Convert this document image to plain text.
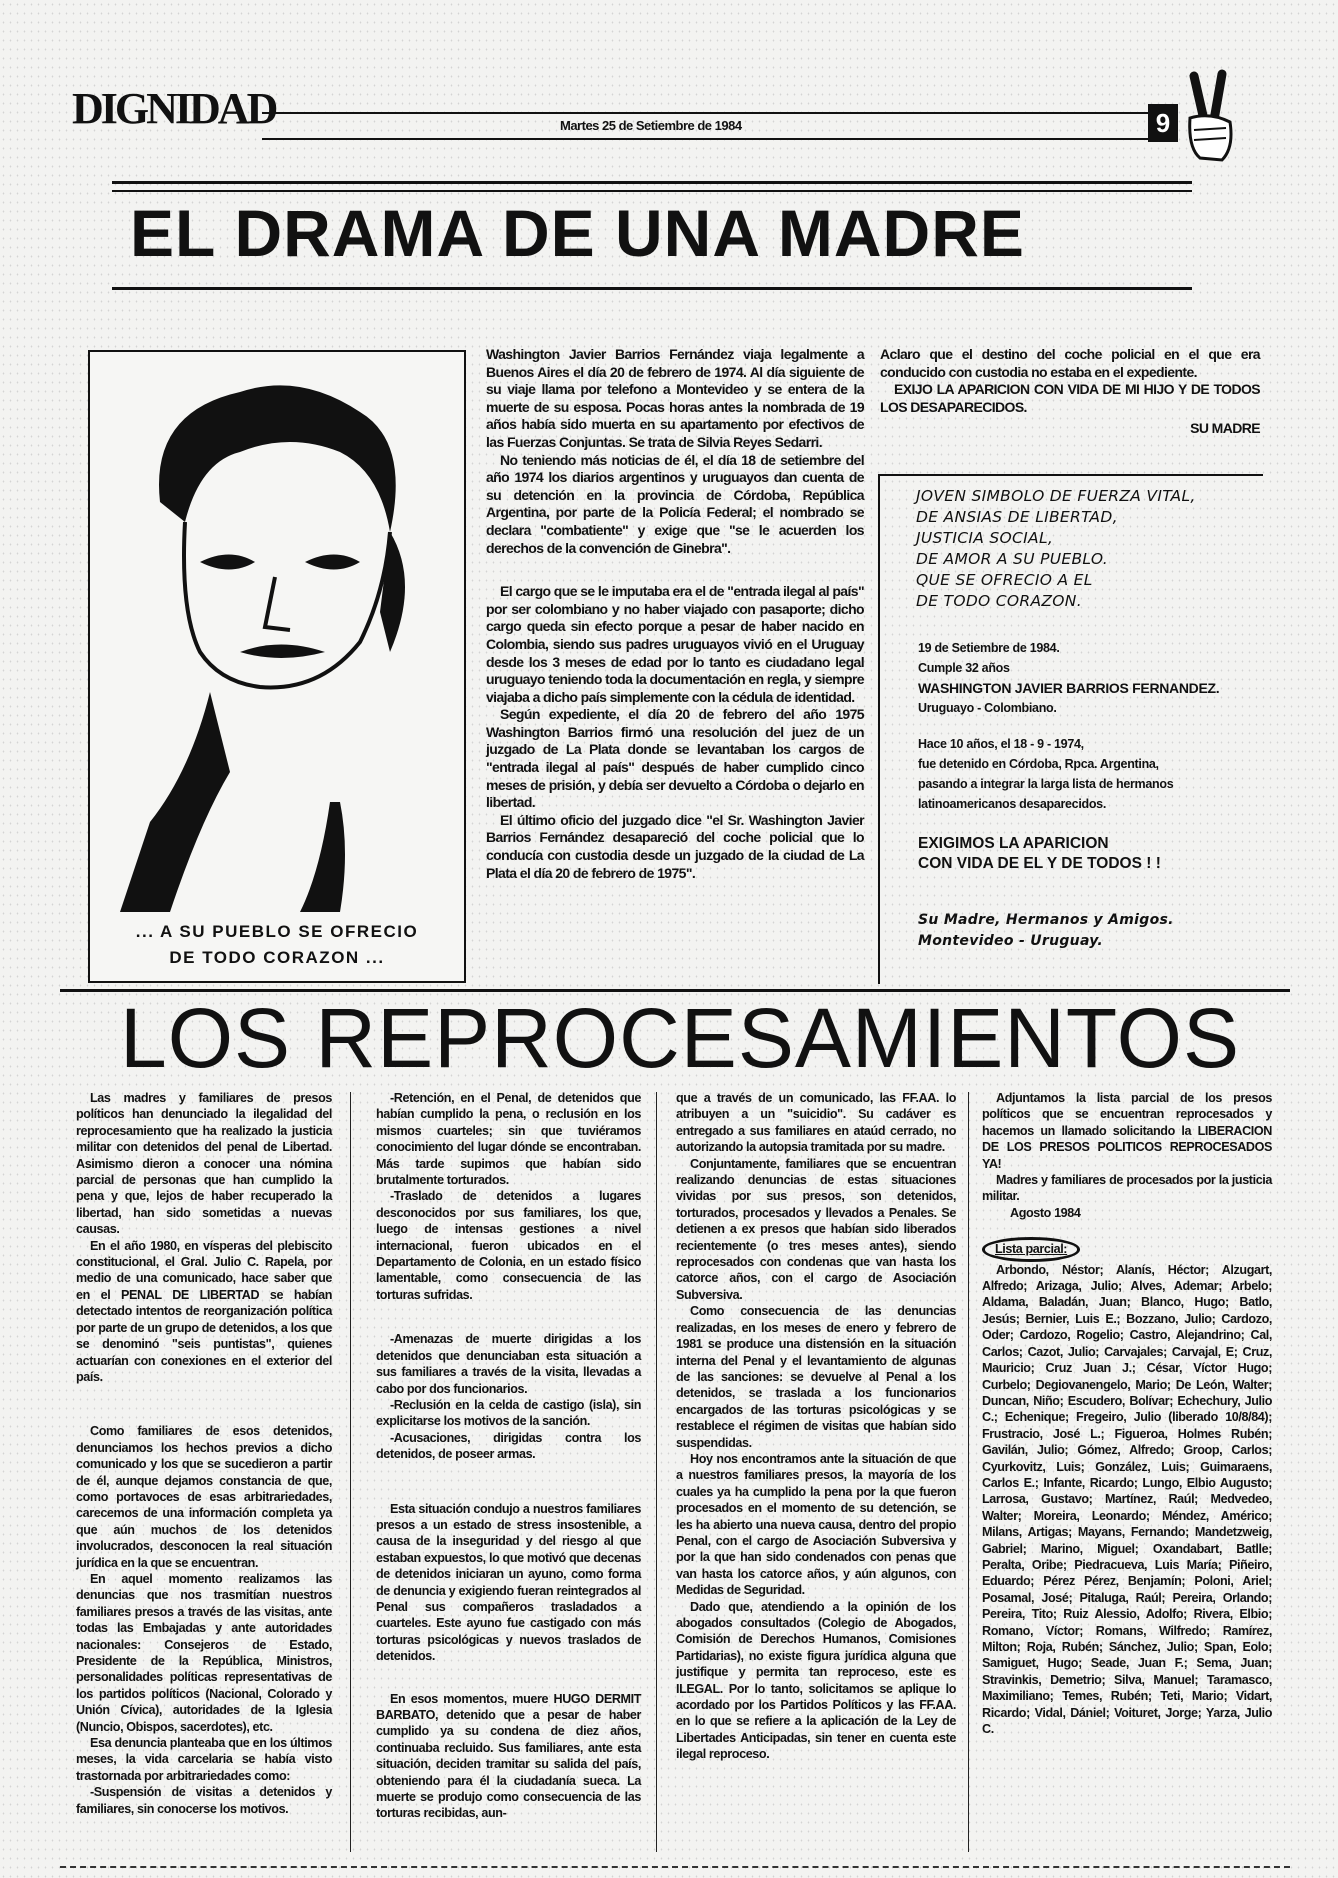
DIGNIDAD	Martes 25 de Setiembre de 1984	9
EL DRAMA DE UNA MADRE
... A SU PUEBLO SE OFRECIO
DE TODO CORAZON ...

Washington Javier Barrios Fernández viaja legalmente a Buenos Aires el día 20 de febrero de 1974. Al día siguiente de su viaje llama por telefono a Montevideo y se entera de la muerte de su esposa. Pocas horas antes la nombrada de 19 años había sido muerta en su apartamento por efectivos de las Fuerzas Conjuntas. Se trata de Silvia Reyes Sedarri.

No teniendo más noticias de él, el día 18 de setiembre del año 1974 los diarios argentinos y uruguayos dan cuenta de su detención en la provincia de Córdoba, República Argentina, por parte de la Policía Federal; el nombrado se declara "combatiente" y exige que "se le acuerden los derechos de la convención de Ginebra".

El cargo que se le imputaba era el de "entrada ilegal al país" por ser colombiano y no haber viajado con pasaporte; dicho cargo queda sin efecto porque a pesar de haber nacido en Colombia, siendo sus padres uruguayos vivió en el Uruguay desde los 3 meses de edad por lo tanto es ciudadano legal uruguayo teniendo toda la documentación en regla, y siempre viajaba a dicho país simplemente con la cédula de identidad.

Según expediente, el día 20 de febrero del año 1975 Washington Barrios firmó una resolución del juez de un juzgado de La Plata donde se levantaban los cargos de "entrada ilegal al país" después de haber cumplido cinco meses de prisión, y debía ser devuelto a Córdoba o dejarlo en libertad.

El último oficio del juzgado dice "el Sr. Washington Javier Barrios Fernández desapareció del coche policial que lo conducía con custodia desde un juzgado de la ciudad de La Plata el día 20 de febrero de 1975".

Aclaro que el destino del coche policial en el que era conducido con custodia no estaba en el expediente.

EXIJO LA APARICION CON VIDA DE MI HIJO Y DE TODOS LOS DESAPARECIDOS.

SU MADRE
JOVEN SIMBOLO DE FUERZA VITAL,
DE ANSIAS DE LIBERTAD,
JUSTICIA SOCIAL,
DE AMOR A SU PUEBLO.
QUE SE OFRECIO A EL
DE TODO CORAZON.
19 de Setiembre de 1984.
Cumple 32 años
WASHINGTON JAVIER BARRIOS FERNANDEZ.
Uruguayo - Colombiano.
Hace 10 años, el 18 - 9 - 1974,
fue detenido en Córdoba, Rpca. Argentina,
pasando a integrar la larga lista de hermanos
latinoamericanos desaparecidos.
EXIGIMOS LA APARICION
CON VIDA DE EL Y DE TODOS ! !
Su Madre, Hermanos y Amigos.
Montevideo - Uruguay.
LOS REPROCESAMIENTOS

Las madres y familiares de presos políticos han denunciado la ilegalidad del reprocesamiento que ha realizado la justicia militar con detenidos del penal de Libertad. Asimismo dieron a conocer una nómina parcial de personas que han cumplido la pena y que, lejos de haber recuperado la libertad, han sido sometidas a nuevas causas.

En el año 1980, en vísperas del plebiscito constitucional, el Gral. Julio C. Rapela, por medio de una comunicado, hace saber que en el PENAL DE LIBERTAD se habían detectado intentos de reorganización política por parte de un grupo de detenidos, a los que se denominó "seis puntistas", quienes actuarían con conexiones en el exterior del país.

Como familiares de esos detenidos, denunciamos los hechos previos a dicho comunicado y los que se sucedieron a partir de él, aunque dejamos constancia de que, como portavoces de esas arbitrariedades, carecemos de una información completa ya que aún muchos de los detenidos involucrados, desconocen la real situación jurídica en la que se encuentran.

En aquel momento realizamos las denuncias que nos trasmitían nuestros familiares presos a través de las visitas, ante todas las Embajadas y ante autoridades nacionales: Consejeros de Estado, Presidente de la República, Ministros, personalidades políticas representativas de los partidos políticos (Nacional, Colorado y Unión Cívica), autoridades de la Iglesia (Nuncio, Obispos, sacerdotes), etc.

Esa denuncia planteaba que en los últimos meses, la vida carcelaria se había visto trastornada por arbitrariedades como:

-Suspensión de visitas a detenidos y familiares, sin conocerse los motivos.

-Retención, en el Penal, de detenidos que habían cumplido la pena, o reclusión en los mismos cuarteles; sin que tuviéramos conocimiento del lugar dónde se encontraban. Más tarde supimos que habían sido brutalmente torturados.

-Traslado de detenidos a lugares desconocidos por sus familiares, los que, luego de intensas gestiones a nivel internacional, fueron ubicados en el Departamento de Colonia, en un estado físico lamentable, como consecuencia de las torturas sufridas.

-Amenazas de muerte dirigidas a los detenidos que denunciaban esta situación a sus familiares a través de la visita, llevadas a cabo por dos funcionarios.

-Reclusión en la celda de castigo (isla), sin explicitarse los motivos de la sanción.

-Acusaciones, dirigidas contra los detenidos, de poseer armas.

Esta situación condujo a nuestros familiares presos a un estado de stress insostenible, a causa de la inseguridad y del riesgo al que estaban expuestos, lo que motivó que decenas de detenidos iniciaran un ayuno, como forma de denuncia y exigiendo fueran reintegrados al Penal sus compañeros trasladados a cuarteles. Este ayuno fue castigado con más torturas psicológicas y nuevos traslados de detenidos.

En esos momentos, muere HUGO DERMIT BARBATO, detenido que a pesar de haber cumplido ya su condena de diez años, continuaba recluido. Sus familiares, ante esta situación, deciden tramitar su salida del país, obteniendo para él la ciudadanía sueca. La muerte se produjo como consecuencia de las torturas recibidas, aun-

que a través de un comunicado, las FF.AA. lo atribuyen a un "suicidio". Su cadáver es entregado a sus familiares en ataúd cerrado, no autorizando la autopsia tramitada por su madre.

Conjuntamente, familiares que se encuentran realizando denuncias de estas situaciones vividas por sus presos, son detenidos, torturados, procesados y llevados a Penales. Se detienen a ex presos que habían sido liberados recientemente (o tres meses antes), siendo reprocesados con condenas que van hasta los catorce años, con el cargo de Asociación Subversiva.

Como consecuencia de las denuncias realizadas, en los meses de enero y febrero de 1981 se produce una distensión en la situación interna del Penal y el levantamiento de algunas de las sanciones: se devuelve al Penal a los detenidos, se traslada a los funcionarios encargados de las torturas psicológicas y se restablece el régimen de visitas que habían sido suspendidas.

Hoy nos encontramos ante la situación de que a nuestros familiares presos, la mayoría de los cuales ya ha cumplido la pena por la que fueron procesados en el momento de su detención, se les ha abierto una nueva causa, dentro del propio Penal, con el cargo de Asociación Subversiva y por la que han sido condenados con penas que van hasta los catorce años, y aún algunos, con Medidas de Seguridad.

Dado que, atendiendo a la opinión de los abogados consultados (Colegio de Abogados, Comisión de Derechos Humanos, Comisiones Partidarias), no existe figura jurídica alguna que justifique y permita tan reproceso, este es ILEGAL. Por lo tanto, solicitamos se aplique lo acordado por los Partidos Políticos y las FF.AA. en lo que se refiere a la aplicación de la Ley de Libertades Anticipadas, sin tener en cuenta este ilegal reproceso.

Adjuntamos la lista parcial de los presos políticos que se encuentran reprocesados y hacemos un llamado solicitando la LIBERACION DE LOS PRESOS POLITICOS REPROCESADOS YA!

Madres y familiares de procesados por la justicia militar.

Agosto 1984

Lista parcial:

Arbondo, Néstor; Alanís, Héctor; Alzugart, Alfredo; Arizaga, Julio; Alves, Ademar; Arbelo; Aldama, Baladán, Juan; Blanco, Hugo; Batlo, Jesús; Bernier, Luis E.; Bozzano, Julio; Cardozo, Oder; Cardozo, Rogelio; Castro, Alejandrino; Cal, Carlos; Cazot, Julio; Carvajales; Carvajal, E; Cruz, Mauricio; Cruz Juan J.; César, Víctor Hugo; Curbelo; Degiovanengelo, Mario; De León, Walter; Duncan, Niño; Escudero, Bolívar; Echechury, Julio C.; Echenique; Fregeiro, Julio (liberado 10/8/84); Frustracio, José L.; Figueroa, Holmes Rubén; Gavilán, Julio; Gómez, Alfredo; Groop, Carlos; Cyurkovitz, Luis; González, Luis; Guimaraens, Carlos E.; Infante, Ricardo; Lungo, Elbio Augusto; Larrosa, Gustavo; Martínez, Raúl; Medvedeo, Walter; Moreira, Leonardo; Méndez, Américo; Milans, Artigas; Mayans, Fernando; Mandetzweig, Gabriel; Marino, Miguel; Oxandabart, Batlle; Peralta, Oribe; Piedracueva, Luis María; Piñeiro, Eduardo; Pérez Pérez, Benjamín; Poloni, Ariel; Posamal, José; Pitaluga, Raúl; Pereira, Orlando; Pereira, Tito; Ruiz Alessio, Adolfo; Rivera, Elbio; Romano, Víctor; Romans, Wilfredo; Ramírez, Milton; Roja, Rubén; Sánchez, Julio; Span, Eolo; Samiguet, Hugo; Seade, Juan F.; Sema, Juan; Stravinkis, Demetrio; Silva, Manuel; Taramasco, Maximiliano; Temes, Rubén; Teti, Mario; Vidart, Ricardo; Vidal, Dániel; Voituret, Jorge; Yarza, Julio C.
